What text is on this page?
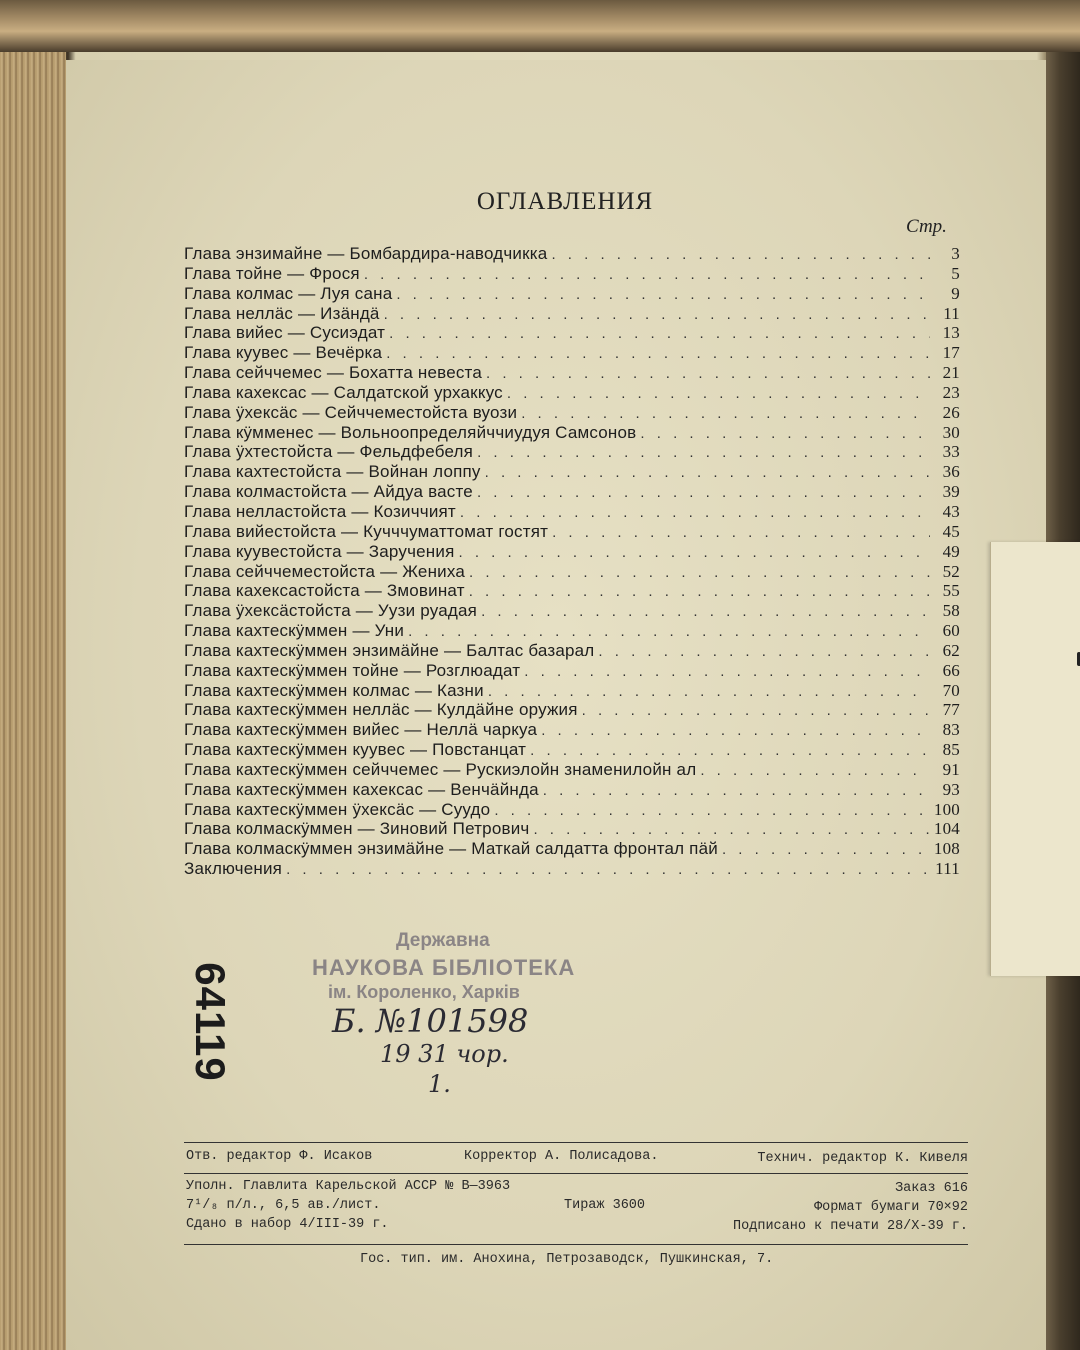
ОГЛАВЛЕНИЯ
Стр.
Глава энзимайне — Бомбардира-наводчикка . . .	3
Глава тойне — Фрося . . .	5
Глава колмас — Луя сана . . .	9
Глава неллäс — Изäндä . . .	11
Глава вийес — Сусиэдат . . .	13
Глава куувес — Вечёрка . . .	17
Глава сейччемес — Бохатта невеста . . .	21
Глава кахексас — Салдатской урхаккус . . .	23
Глава ÿхексäс — Сейччеместойста вуози . . .	26
Глава кÿмменес — Вольноопределяйччиудуя Самсонов . . .	30
Глава ÿхтестойста — Фельдфебеля . . .	33
Глава кахтестойста — Войнан лоппу . . .	36
Глава колмастойста — Айдуа васте . . .	39
Глава неллaстойста — Козиччият . . .	43
Глава вийестойста — Кучччуматтомат гостят . . .	45
Глава куувестойста — Заручения . . .	49
Глава сейччеместойста — Жениха . . .	52
Глава кахексастойста — Змовинат . . .	55
Глава ÿхексäстойста — Уузи руадая . . .	58
Глава кахтескÿммен — Уни . . .	60
Глава кахтескÿммен энзимäйне — Балтас базарал . . .	62
Глава кахтескÿммен тойне — Розглюадат . . .	66
Глава кахтескÿммен колмас — Казни . . .	70
Глава кахтескÿммен неллäс — Кулдäйне оружия . . .	77
Глава кахтескÿммен вийес — Неллä чаркуа . . .	83
Глава кахтескÿммен куувес — Повстанцат . . .	85
Глава кахтескÿммен сейччемес — Рускиэлойн знаменилойн ал . . .	91
Глава кахтескÿммен кахексас — Венчäйнда . . .	93
Глава кахтескÿммен ÿхексäс — Суудо . . .	100
Глава колмаскÿммен — Зиновий Петрович . . .	104
Глава колмаскÿммен энзимäйне — Маткай салдатта фронтал пäй . . .	108
Заключения . . .	111
64119
Державна
НАУКОВА БІБЛІОТЕКА
ім. Короленко, Харків
Б. №101598
19 31 чор.
1.
Отв. редактор Ф. Исаков	Корректор А. Полисадова.	Технич. редактор К. Кивеля
Уполн. Главлита Карельской АССР № В—3963	Заказ 616
7¹/₈ п/л., 6,5 ав./лист.	Тираж 3600	Формат бумаги 70×92
Сдано в набор 4/III-39 г.	Подписано к печати 28/X-39 г.
Гос. тип. им. Анохина, Петрозаводск, Пушкинская, 7.
